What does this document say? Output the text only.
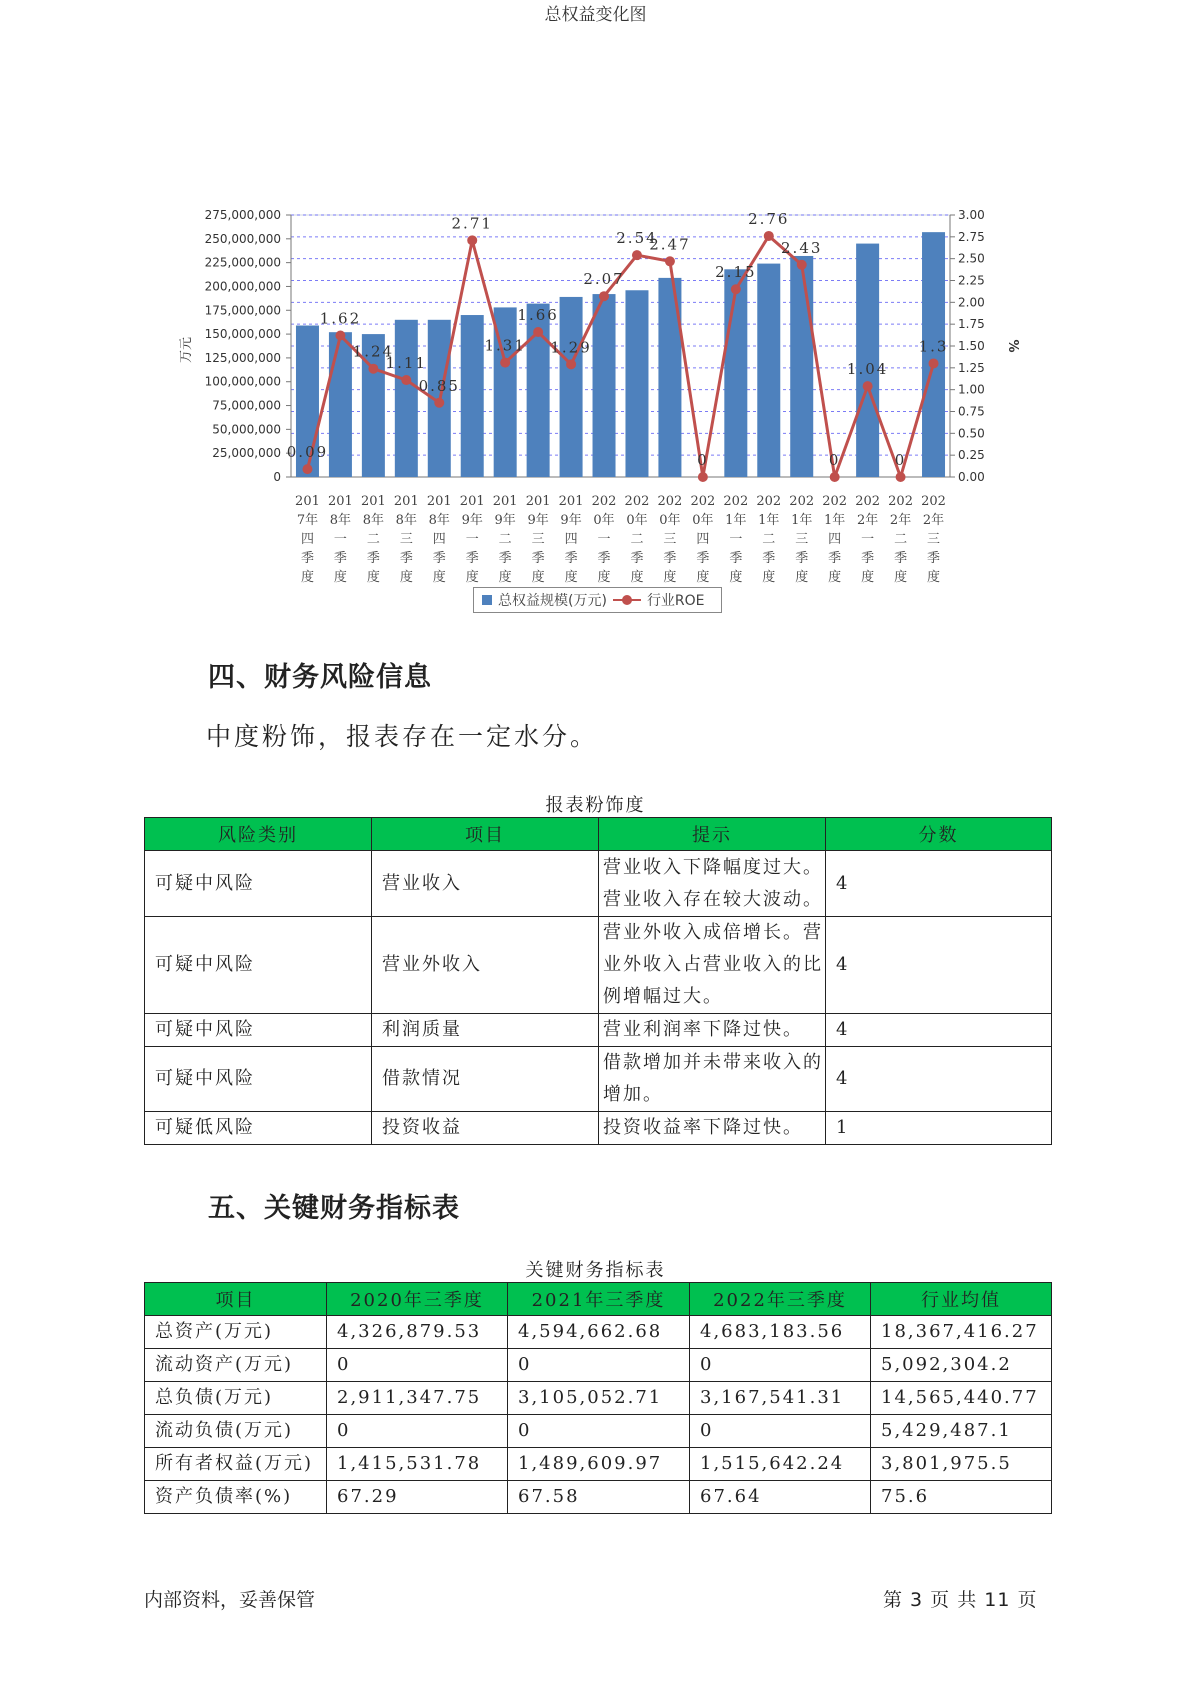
总权益变化图
0.00
0.25
0.50
0.75
1.00
1.25
1.50
1.75
2.00
2.25
2.50
2.75
3.00
0
25,000,000
50,000,000
75,000,000
100,000,000
125,000,000
150,000,000
175,000,000
200,000,000
225,000,000
250,000,000
275,000,000
万元	%
0.09
1.62
1.24
1.11
0.85
2.71
1.31
1.66
1.29
2.07
2.54
2.47
0
2.15
2.76
2.43
0
1.04
0
1.3
201
7年
四
季
度
201
8年
一
季
度
201
8年
二
季
度
201
8年
三
季
度
201
8年
四
季
度
201
9年
一
季
度
201
9年
二
季
度
201
9年
三
季
度
201
9年
四
季
度
202
0年
一
季
度
202
0年
二
季
度
202
0年
三
季
度
202
0年
四
季
度
202
1年
一
季
度
202
1年
二
季
度
202
1年
三
季
度
202
1年
四
季
度
202
2年
一
季
度
202
2年
二
季
度
202
2年
三
季
度
总权益规模(万元)	行业ROE
四、财务风险信息
中度粉饰，报表存在一定水分。
报表粉饰度
风险类别	项目	提示	分数
可疑中风险	营业收入	营业收入下降幅度过大。营业收入存在较大波动。	4
可疑中风险	营业外收入	营业外收入成倍增长。营业外收入占营业收入的比例增幅过大。	4
可疑中风险	利润质量	营业利润率下降过快。	4
可疑中风险	借款情况	借款增加并未带来收入的增加。	4
可疑低风险	投资收益	投资收益率下降过快。	1
五、关键财务指标表
关键财务指标表
项目	2020年三季度	2021年三季度	2022年三季度	行业均值
总资产(万元)	4,326,879.53	4,594,662.68	4,683,183.56	18,367,416.27
流动资产(万元)	0	0	0	5,092,304.2
总负债(万元)	2,911,347.75	3,105,052.71	3,167,541.31	14,565,440.77
流动负债(万元)	0	0	0	5,429,487.1
所有者权益(万元)	1,415,531.78	1,489,609.97	1,515,642.24	3,801,975.5
资产负债率(%)	67.29	67.58	67.64	75.6
内部资料，妥善保管	第 3 页 共 11 页
